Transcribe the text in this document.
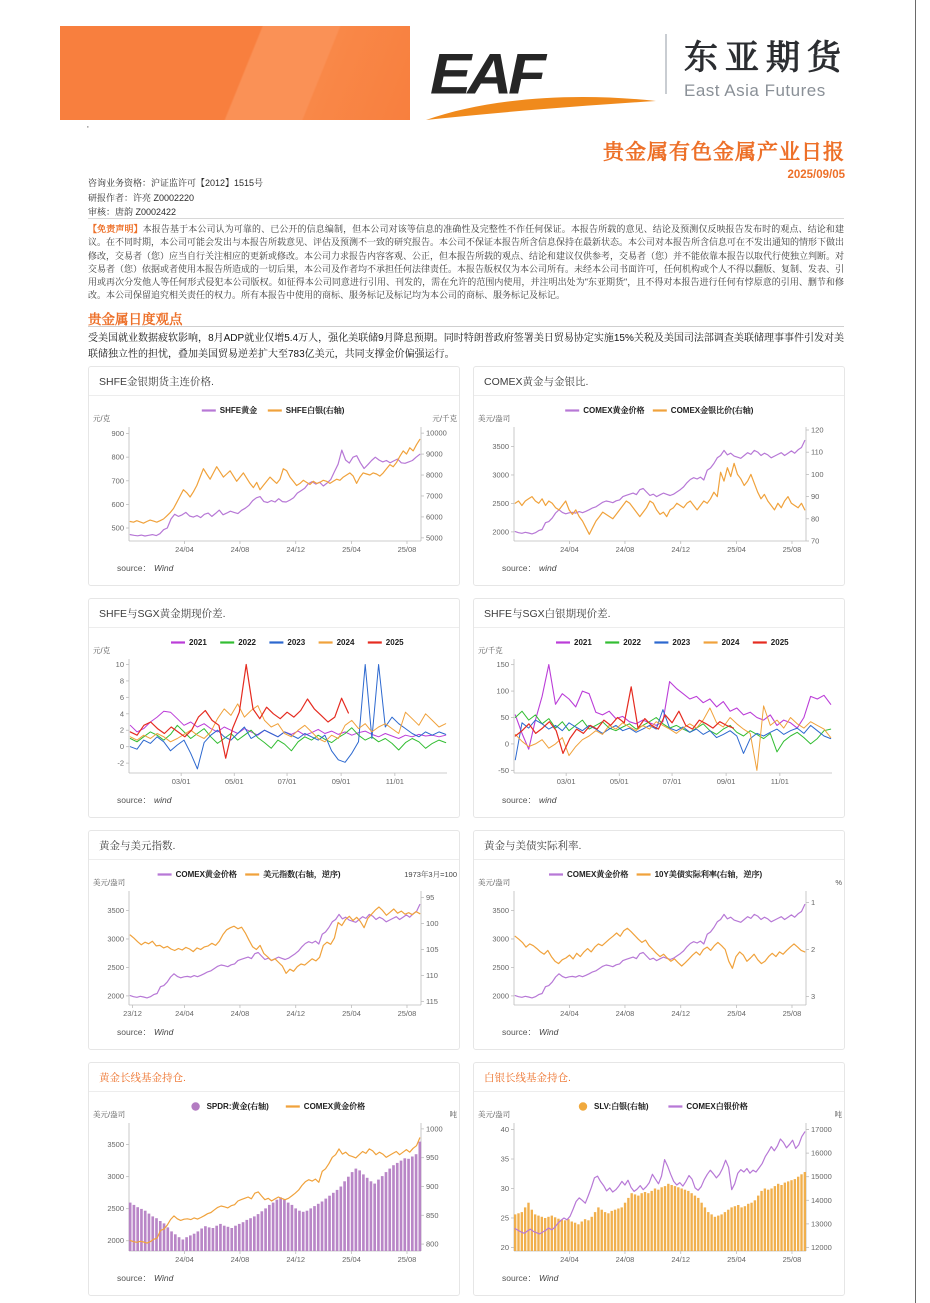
EAF	东亚期货
East Asia Futures
·
贵金属有色金属产业日报
2025/09/05
咨询业务资格：沪证监许可【2012】1515号
研报作者：许亮 Z0002220
审核：唐韵 Z0002422
【免责声明】本报告基于本公司认为可靠的、已公开的信息编制，但本公司对该等信息的准确性及完整性不作任何保证。本报告所载的意见、结论及预测仅反映报告发布时的观点、结论和建议。在不同时期，本公司可能会发出与本报告所载意见、评估及预测不一致的研究报告。本公司不保证本报告所含信息保持在最新状态。本公司对本报告所含信息可在不发出通知的情形下做出修改，交易者（您）应当自行关注相应的更新或修改。本公司力求报告内容客观、公正，但本报告所载的观点、结论和建议仅供参考，交易者（您）并不能依靠本报告以取代行使独立判断。对交易者（您）依据或者使用本报告所造成的一切后果，本公司及作者均不承担任何法律责任。本报告版权仅为本公司所有。未经本公司书面许可，任何机构或个人不得以翻版、复制、发表、引用或再次分发他人等任何形式侵犯本公司版权。如征得本公司同意进行引用、刊发的，需在允许的范围内使用，并注明出处为"东亚期货"，且不得对本报告进行任何有悖原意的引用、删节和修改。本公司保留追究相关责任的权力。所有本报告中使用的商标、服务标记及标记均为本公司的商标、服务标记及标记。
贵金属日度观点
受美国就业数据疲软影响，8月ADP就业仅增5.4万人，强化美联储9月降息预期。同时特朗普政府签署美日贸易协定实施15%关税及美国司法部调查美联储理事事件引发对美联储独立性的担忧，叠加美国贸易逆差扩大至783亿美元，共同支撑金价偏强运行。
SHFE金银期货主连价格.
900
800
700
600
500
10000
9000
8000
7000
6000
5000
24/04	24/08	24/12	25/04	25/08
元/克	元/千克
SHFE黄金	SHFE白银(右轴)
source： Wind
COMEX黄金与金银比.
3500
3000
2500
2000
120
110
100
90
80
70
24/04	24/08	24/12	25/04	25/08
美元/盎司
COMEX黄金价格	COMEX金银比价(右轴)
source： wind
SHFE与SGX黄金期现价差.
10
8
6
4
2
0
-2
03/01	05/01	07/01	09/01	11/01
元/克
2021	2022	2023	2024	2025
source： wind
SHFE与SGX白银期现价差.
150
100
50
0
-50
03/01	05/01	07/01	09/01	11/01
元/千克
2021	2022	2023	2024	2025
source： wind
黄金与美元指数.
3500
3000
2500
2000
95
100
105
110
115
23/12	24/04	24/08	24/12	25/04	25/08
美元/盎司
1973年3月=100
COMEX黄金价格	美元指数(右轴，逆序)
source： Wind
黄金与美债实际利率.
3500
3000
2500
2000
1
2
3
24/04	24/08	24/12	25/04	25/08
美元/盎司	%
COMEX黄金价格	10Y美债实际利率(右轴，逆序)
source： Wind
黄金长线基金持仓.
3500
3000
2500
2000
1000
950
900
850
800
24/04	24/08	24/12	25/04	25/08
美元/盎司	吨
SPDR:黄金(右轴)	COMEX黄金价格
source： Wind
白银长线基金持仓.
40
35
30
25
20
17000
16000
15000
14000
13000
12000
24/04	24/08	24/12	25/04	25/08
美元/盎司	吨
SLV:白银(右轴)	COMEX白银价格
source： Wind
